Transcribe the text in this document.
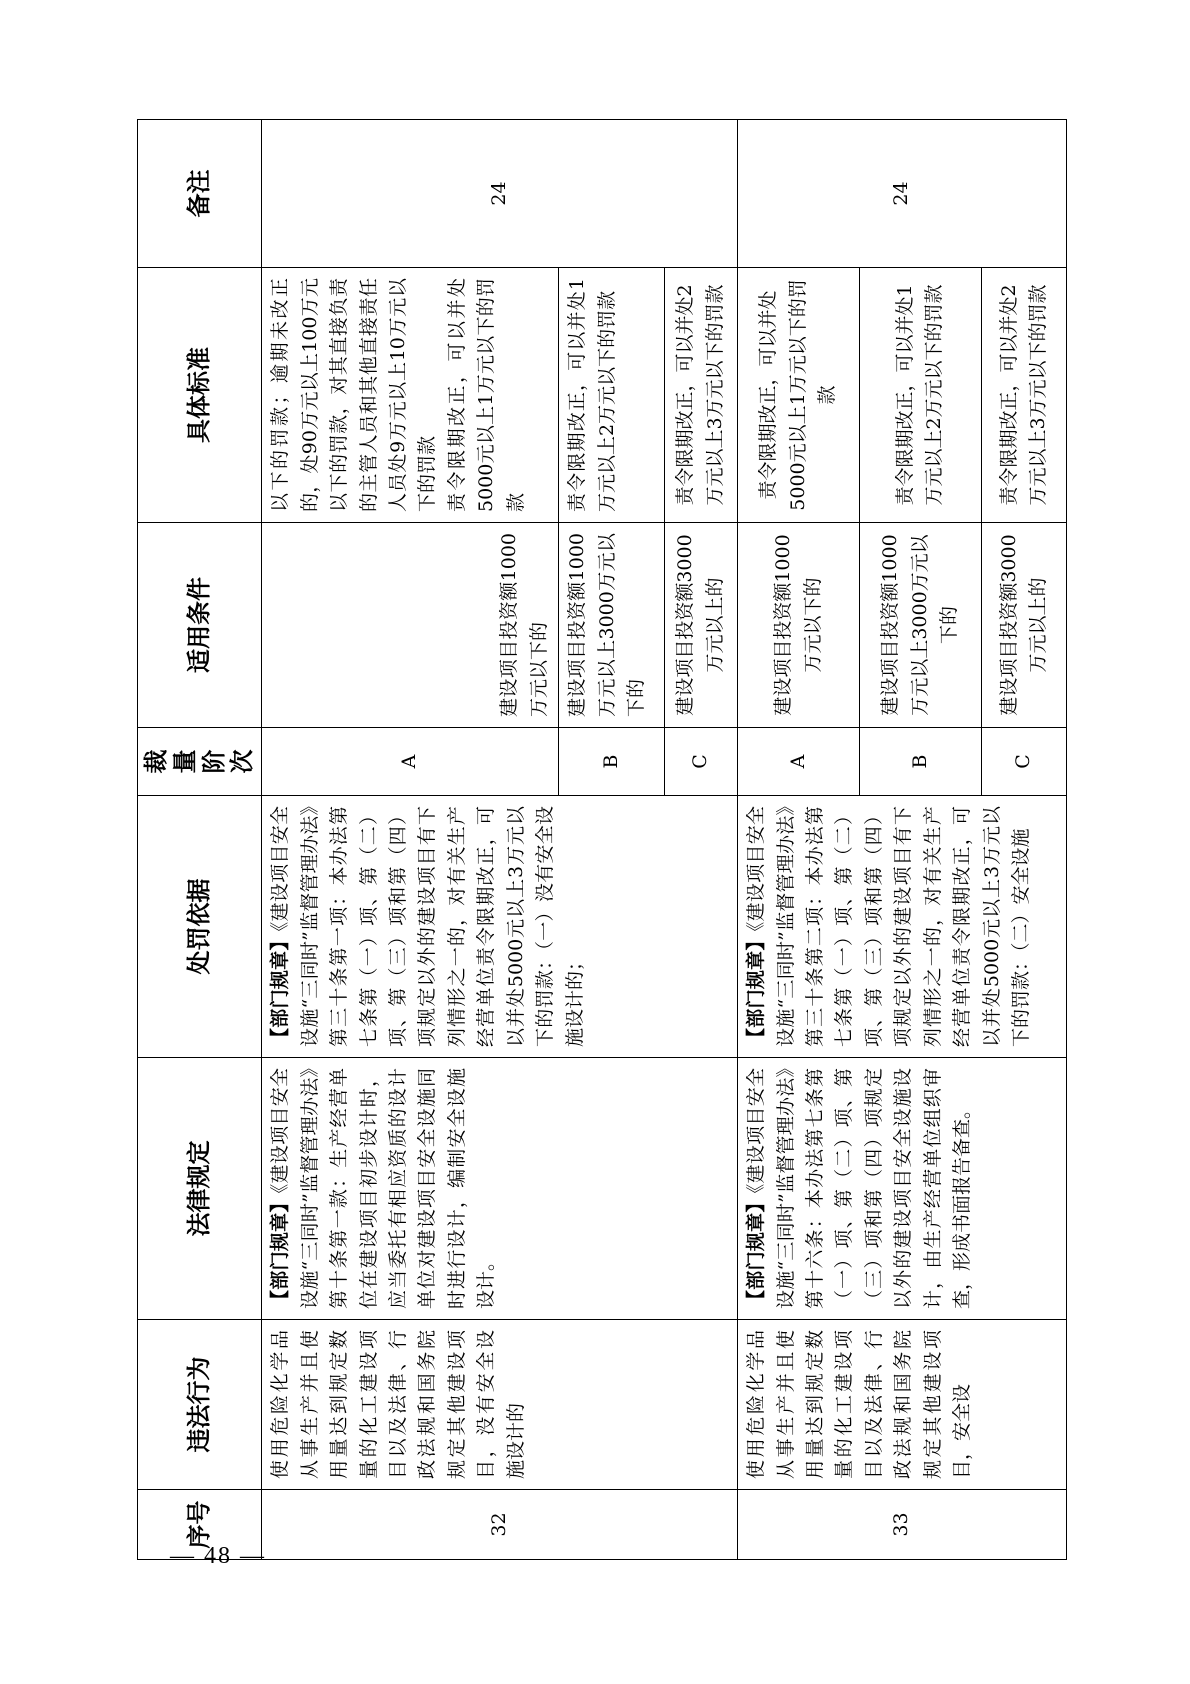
— 48 —

序号	违法行为	法律规定	处罚依据	裁量阶次	适用条件	具体标准	备注
32	使用危险化学品从事生产并且使用量达到规定数量的化工建设项目以及法律、行政法规和国务院规定其他建设项目，没有安全设施设计的	【部门规章】《建设项目安全设施“三同时”监督管理办法》第十条第一款：生产经营单位在建设项目初步设计时，应当委托有相应资质的设计单位对建设项目安全设施同时进行设计，编制安全设施设计。	【部门规章】《建设项目安全设施“三同时”监督管理办法》第三十条第一项：本办法第七条第（一）项、第（二）项、第（三）项和第（四）项规定以外的建设项目有下列情形之一的，对有关生产经营单位责令限期改正，可以并处5000元以上3万元以下的罚款：（一）没有安全设施设计的；	A	建设项目投资额1000万元以下的	以下的罚款；逾期未改正的，处90万元以上100万元以下的罚款，对其直接负责的主管人员和其他直接责任人员处9万元以上10万元以下的罚款 责令限期改正，可以并处5000元以上1万元以下的罚款	24
				B	建设项目投资额1000万元以上3000万元以下的	责令限期改正，可以并处1万元以上2万元以下的罚款	
				C	建设项目投资额3000万元以上的	责令限期改正，可以并处2万元以上3万元以下的罚款	
33	使用危险化学品从事生产并且使用量达到规定数量的化工建设项目以及法律、行政法规和国务院规定其他建设项目，安全设	【部门规章】《建设项目安全设施“三同时”监督管理办法》第十六条：本办法第七条第（一）项、第（二）项、第（三）项和第（四）项规定以外的建设项目安全设施设计，由生产经营单位组织审查，形成书面报告备查。	【部门规章】《建设项目安全设施“三同时”监督管理办法》第三十条第二项：本办法第七条第（一）项、第（二）项、第（三）项和第（四）项规定以外的建设项目有下列情形之一的，对有关生产经营单位责令限期改正，可以并处5000元以上3万元以下的罚款：（二）安全设施	A	建设项目投资额1000万元以下的	责令限期改正，可以并处5000元以上1万元以下的罚款	24
				B	建设项目投资额1000万元以上3000万元以下的	责令限期改正，可以并处1万元以上2万元以下的罚款	
				C	建设项目投资额3000万元以上的	责令限期改正，可以并处2万元以上3万元以下的罚款	
